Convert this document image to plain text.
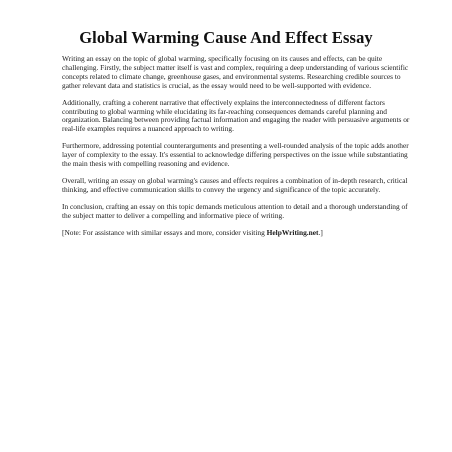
Global Warming Cause And Effect Essay

Writing an essay on the topic of global warming, specifically focusing on its causes and effects, can be quite challenging. Firstly, the subject matter itself is vast and complex, requiring a deep understanding of various scientific concepts related to climate change, greenhouse gases, and environmental systems. Researching credible sources to gather relevant data and statistics is crucial, as the essay would need to be well-supported with evidence.

Additionally, crafting a coherent narrative that effectively explains the interconnectedness of different factors contributing to global warming while elucidating its far-reaching consequences demands careful planning and organization. Balancing between providing factual information and engaging the reader with persuasive arguments or real-life examples requires a nuanced approach to writing.

Furthermore, addressing potential counterarguments and presenting a well-rounded analysis of the topic adds another layer of complexity to the essay. It's essential to acknowledge differing perspectives on the issue while substantiating the main thesis with compelling reasoning and evidence.

Overall, writing an essay on global warming's causes and effects requires a combination of in-depth research, critical thinking, and effective communication skills to convey the urgency and significance of the topic accurately.

In conclusion, crafting an essay on this topic demands meticulous attention to detail and a thorough understanding of the subject matter to deliver a compelling and informative piece of writing.

[Note: For assistance with similar essays and more, consider visiting HelpWriting.net.]
